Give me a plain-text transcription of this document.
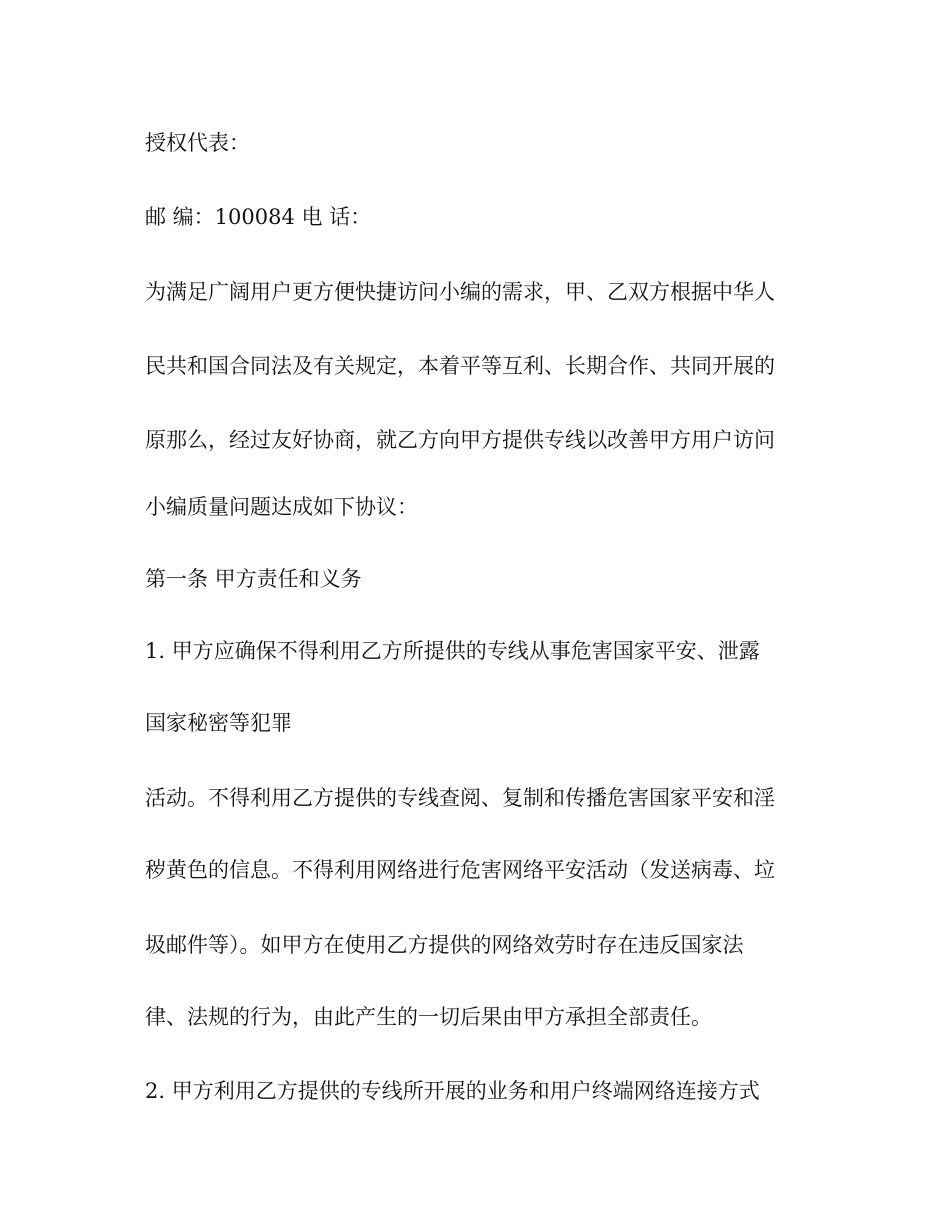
授权代表：
邮 编：100084 电 话：
为满足广阔用户更方便快捷访问小编的需求，甲、乙双方根据中华人
民共和国合同法及有关规定，本着平等互利、长期合作、共同开展的
原那么，经过友好协商，就乙方向甲方提供专线以改善甲方用户访问
小编质量问题达成如下协议：
第一条 甲方责任和义务
1. 甲方应确保不得利用乙方所提供的专线从事危害国家平安、泄露
国家秘密等犯罪
活动。不得利用乙方提供的专线查阅、复制和传播危害国家平安和淫
秽黄色的信息。不得利用网络进行危害网络平安活动（发送病毒、垃
圾邮件等）。如甲方在使用乙方提供的网络效劳时存在违反国家法
律、法规的行为，由此产生的一切后果由甲方承担全部责任。
2. 甲方利用乙方提供的专线所开展的业务和用户终端网络连接方式
